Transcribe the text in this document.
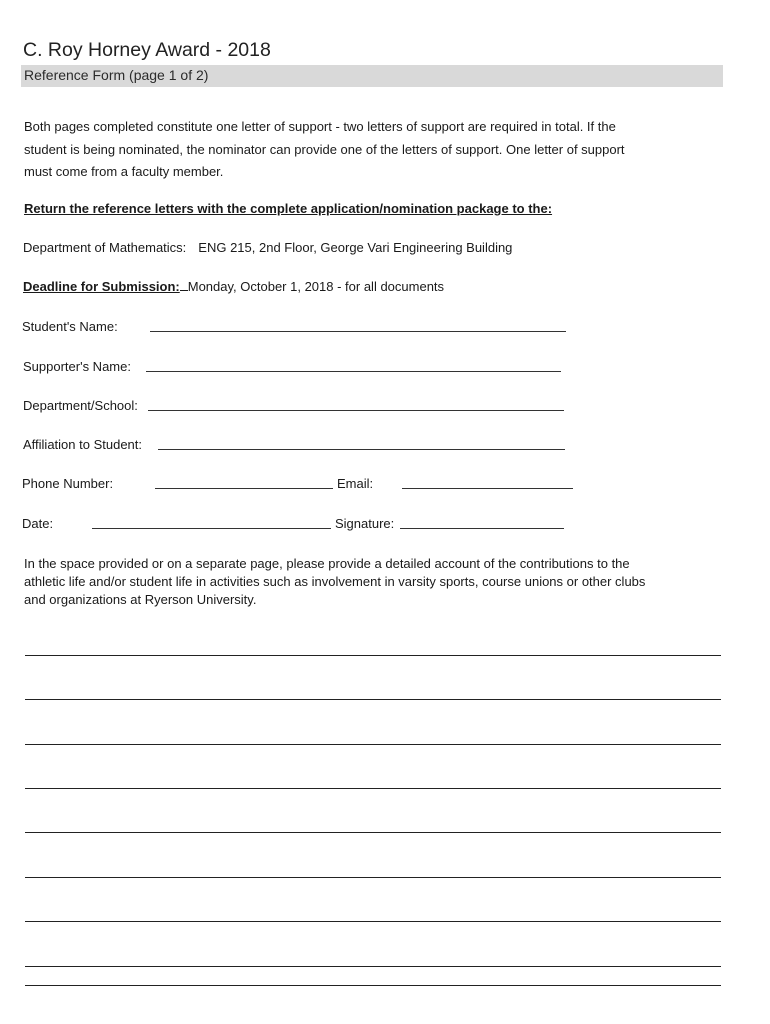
C. Roy Horney Award - 2018
Reference Form (page 1 of 2)
Both pages completed constitute one letter of support - two letters of support are required in total. If the
student is being nominated, the nominator can provide one of the letters of support. One letter of support
must come from a faculty member.
Return the reference letters with the complete application/nomination package to the:
Department of Mathematics: ENG 215, 2nd Floor, George Vari Engineering Building
Deadline for Submission: Monday, October 1, 2018 - for all documents
Student's Name:
Supporter's Name:
Department/School:
Affiliation to Student:
Phone Number:	Email:
Date:	Signature:
In the space provided or on a separate page, please provide a detailed account of the contributions to the
athletic life and/or student life in activities such as involvement in varsity sports, course unions or other clubs
and organizations at Ryerson University.
